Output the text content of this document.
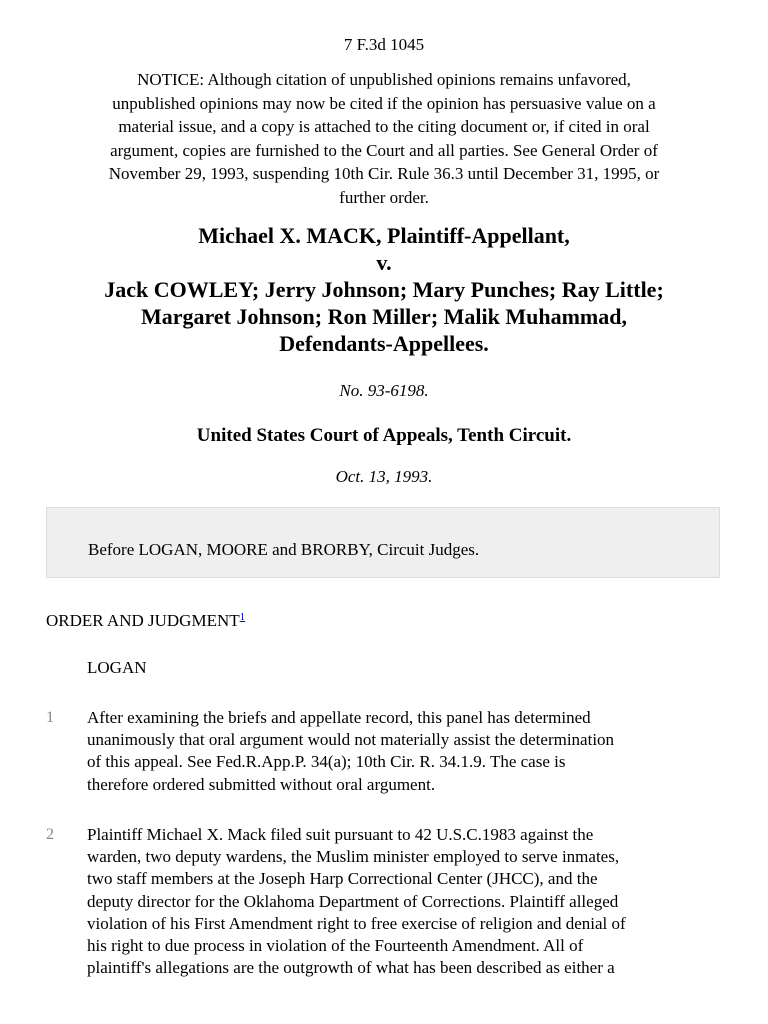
7 F.3d 1045
NOTICE: Although citation of unpublished opinions remains unfavored,
unpublished opinions may now be cited if the opinion has persuasive value on a
material issue, and a copy is attached to the citing document or, if cited in oral
argument, copies are furnished to the Court and all parties. See General Order of
November 29, 1993, suspending 10th Cir. Rule 36.3 until December 31, 1995, or
further order.
Michael X. MACK, Plaintiff-Appellant,
v.
Jack COWLEY; Jerry Johnson; Mary Punches; Ray Little;
Margaret Johnson; Ron Miller; Malik Muhammad,
Defendants-Appellees.
No. 93-6198.
United States Court of Appeals, Tenth Circuit.
Oct. 13, 1993.
Before LOGAN, MOORE and BRORBY, Circuit Judges.
ORDER AND JUDGMENT$^1$
LOGAN
1 After examining the briefs and appellate record, this panel has determined
unanimously that oral argument would not materially assist the determination
of this appeal. See Fed.R.App.P. 34(a); 10th Cir. R. 34.1.9. The case is
therefore ordered submitted without oral argument.
2 Plaintiff Michael X. Mack filed suit pursuant to 42 U.S.C.1983 against the
warden, two deputy wardens, the Muslim minister employed to serve inmates,
two staff members at the Joseph Harp Correctional Center (JHCC), and the
deputy director for the Oklahoma Department of Corrections. Plaintiff alleged
violation of his First Amendment right to free exercise of religion and denial of
his right to due process in violation of the Fourteenth Amendment. All of
plaintiff's allegations are the outgrowth of what has been described as either a
